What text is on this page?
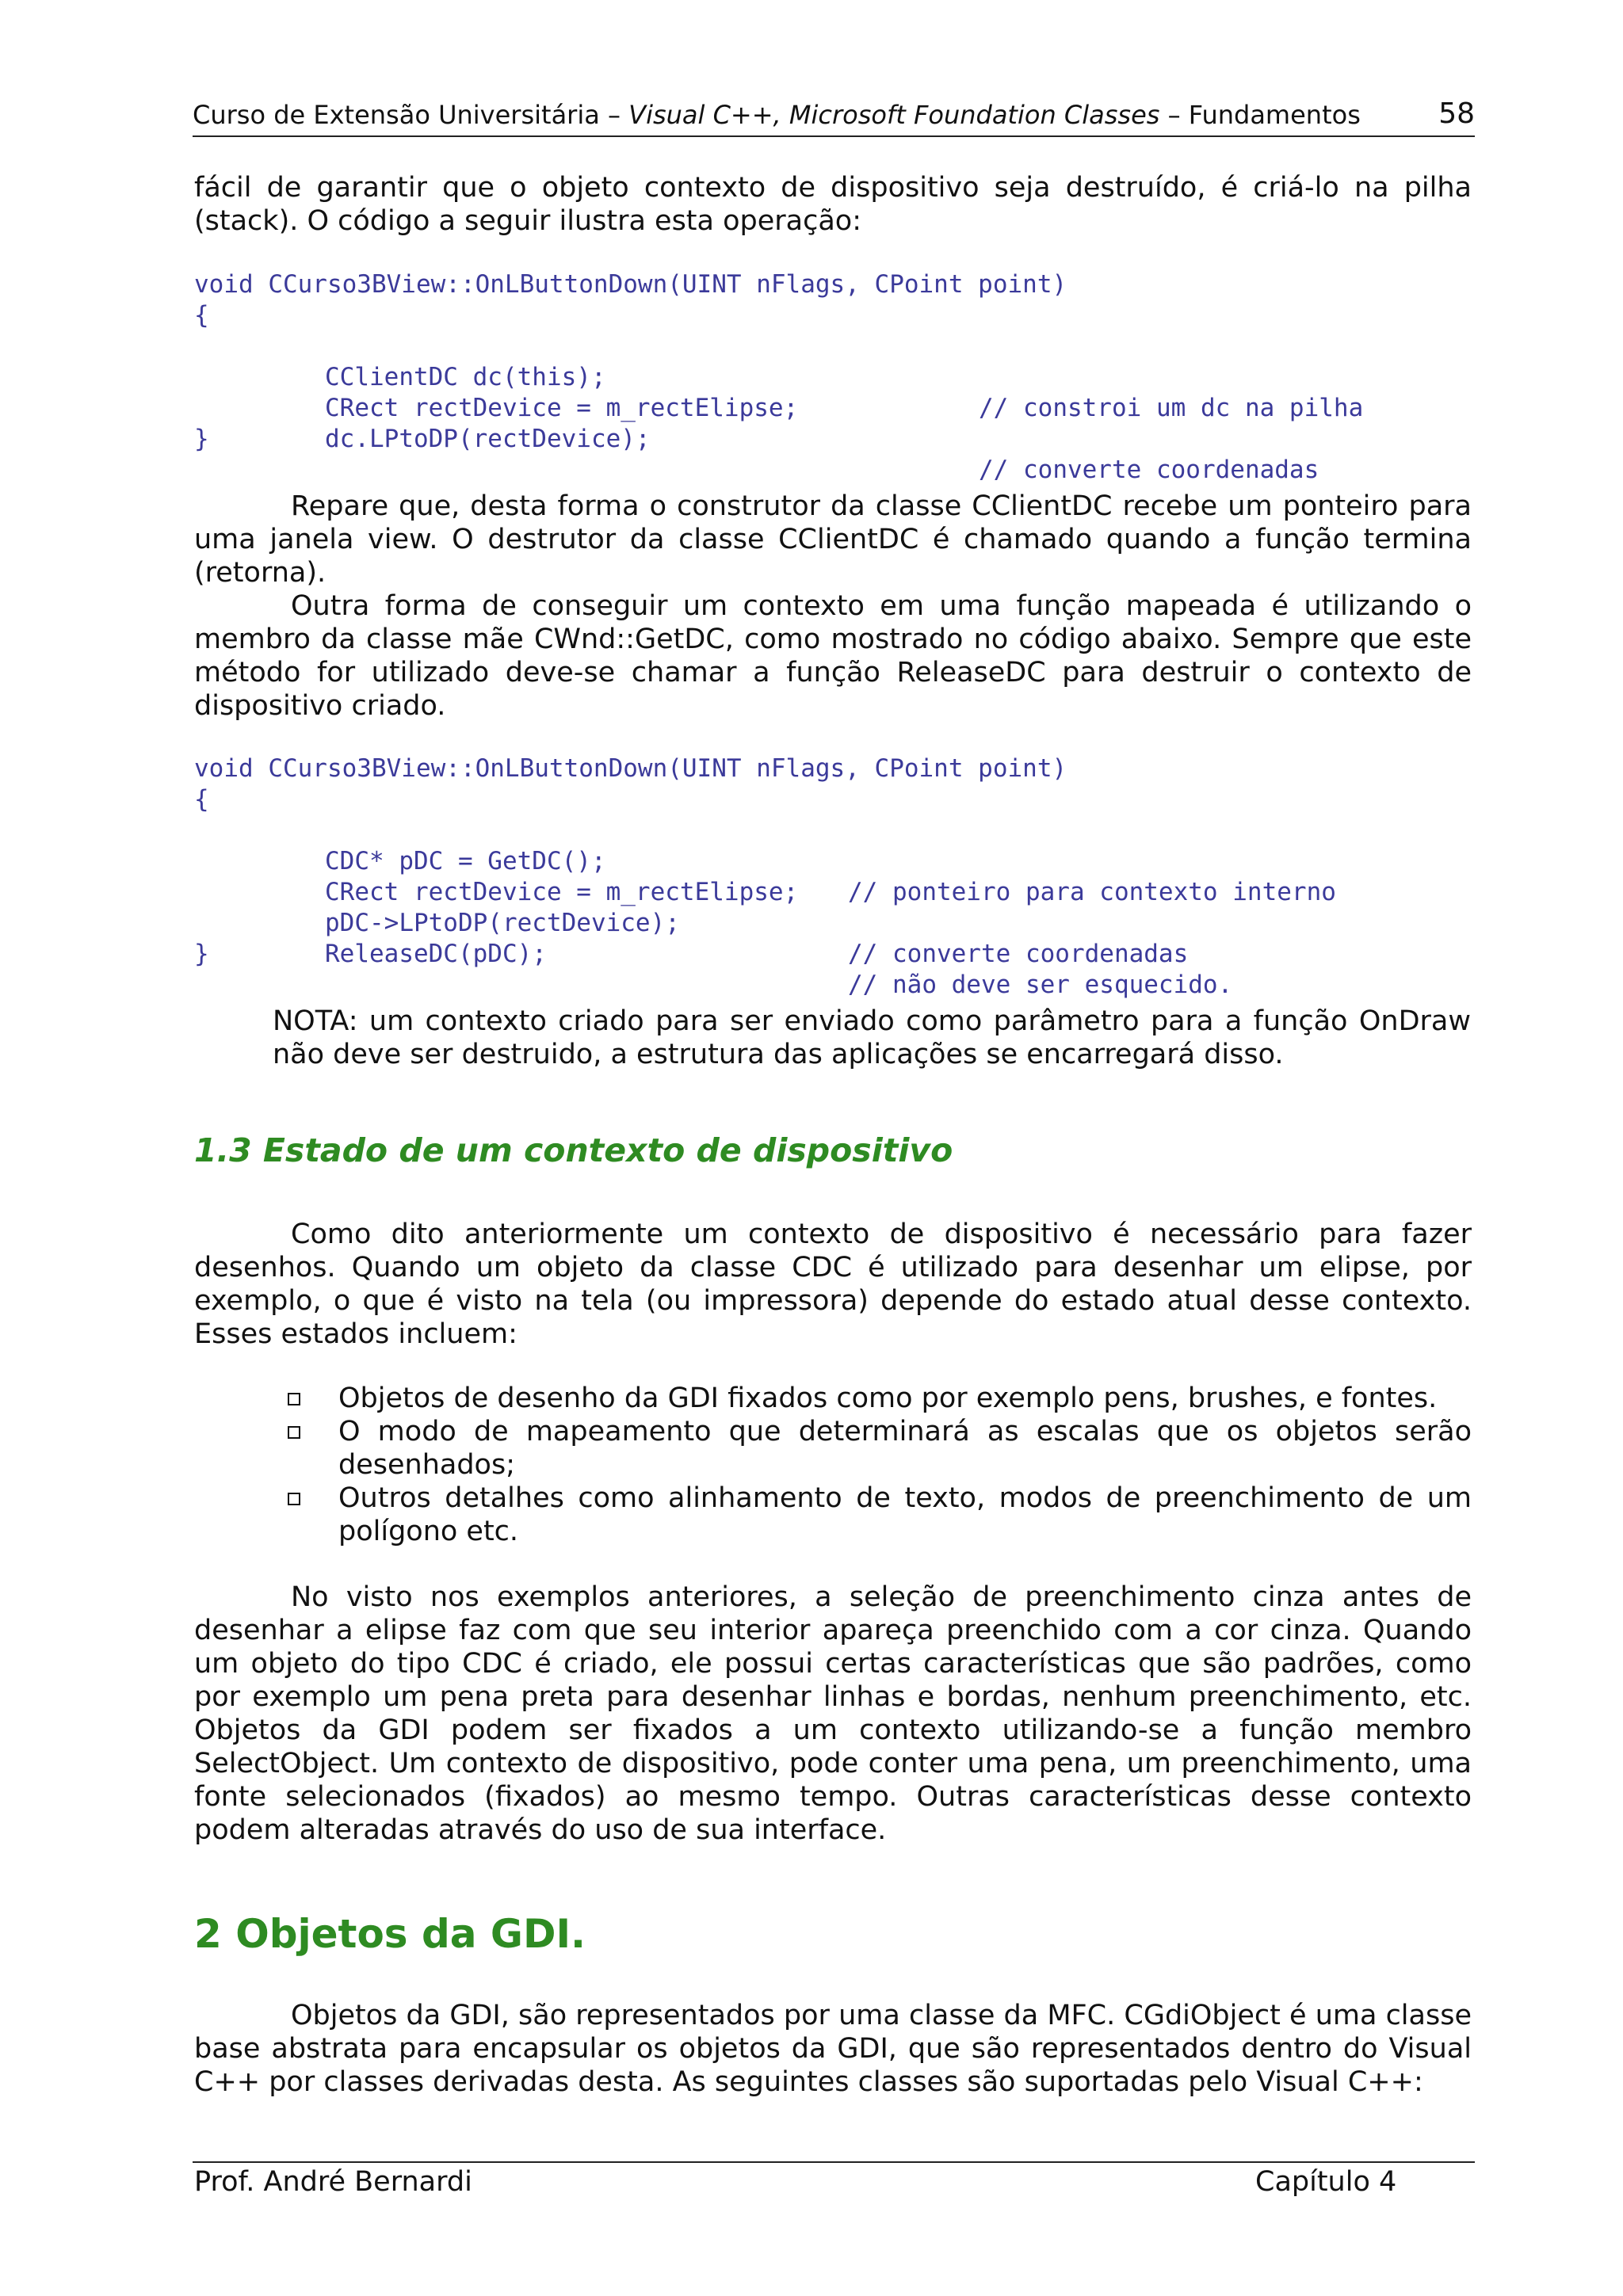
Curso de Extensão Universitária – Visual C++, Microsoft Foundation Classes – Fundamentos	58
fácil de garantir que o objeto contexto de dispositivo seja destruído, é criá-lo na pilha (stack). O código a seguir ilustra esta operação:
void CCurso3BView::OnLButtonDown(UINT nFlags, CPoint point)
{

CClientDC dc(this);

// constroi um dc na pilha

CRect rectDevice = m_rectElipse;

dc.LPtoDP(rectDevice);

// converte coordenadas

}
Repare que, desta forma o construtor da classe CClientDC recebe um ponteiro para uma janela view. O destrutor da classe CClientDC é chamado quando a função termina (retorna).
Outra forma de conseguir um contexto em uma função mapeada é utilizando o membro da classe mãe CWnd::GetDC, como mostrado no código abaixo. Sempre que este método for utilizado deve-se chamar a função ReleaseDC para destruir o contexto de dispositivo criado.
void CCurso3BView::OnLButtonDown(UINT nFlags, CPoint point)
{

CDC* pDC = GetDC();

// ponteiro para contexto interno

CRect rectDevice = m_rectElipse;

pDC->LPtoDP(rectDevice);

// converte coordenadas

ReleaseDC(pDC);

// não deve ser esquecido.

}
NOTA: um contexto criado para ser enviado como parâmetro para a função OnDraw não deve ser destruido, a estrutura das aplicações se encarregará disso.
1.3 Estado de um contexto de dispositivo
Como dito anteriormente um contexto de dispositivo é necessário para fazer desenhos. Quando um objeto da classe CDC é utilizado para desenhar um elipse, por exemplo, o que é visto na tela (ou impressora) depende do estado atual desse contexto. Esses estados incluem:
Objetos de desenho da GDI fixados como por exemplo pens, brushes, e fontes.
O modo de mapeamento que determinará as escalas que os objetos serão desenhados;
Outros detalhes como alinhamento de texto, modos de preenchimento de um polígono etc.
No visto nos exemplos anteriores, a seleção de preenchimento cinza antes de desenhar a elipse faz com que seu interior apareça preenchido com a cor cinza. Quando um objeto do tipo CDC é criado, ele possui certas características que são padrões, como por exemplo um pena preta para desenhar linhas e bordas, nenhum preenchimento, etc. Objetos da GDI podem ser fixados a um contexto utilizando-se a função membro SelectObject. Um contexto de dispositivo, pode conter uma pena, um preenchimento, uma fonte selecionados (fixados) ao mesmo tempo. Outras características desse contexto podem alteradas através do uso de sua interface.
2 Objetos da GDI.
Objetos da GDI, são representados por uma classe da MFC. CGdiObject é uma classe base abstrata para encapsular os objetos da GDI, que são representados dentro do Visual C++ por classes derivadas desta. As seguintes classes são suportadas pelo Visual C++:
Prof. André Bernardi	Capítulo 4
